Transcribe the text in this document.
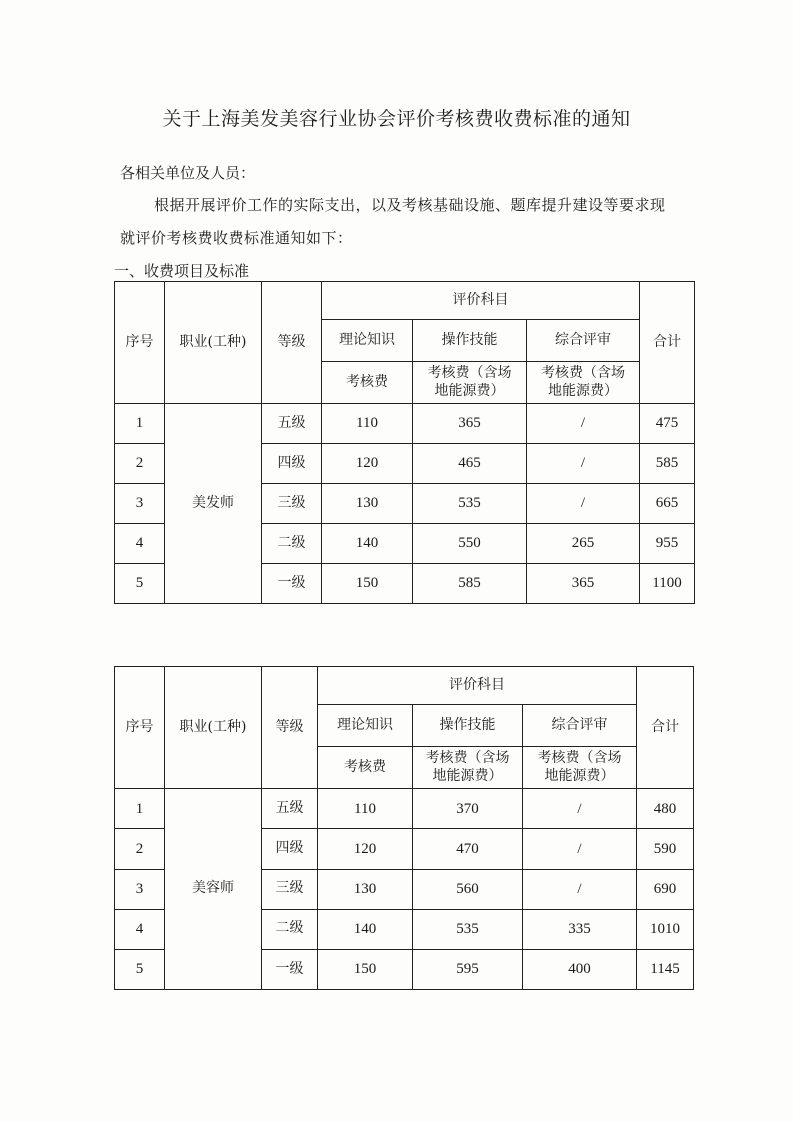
关于上海美发美容行业协会评价考核费收费标准的通知
各相关单位及人员：
根据开展评价工作的实际支出，以及考核基础设施、题库提升建设等要求现
就评价考核费收费标准通知如下：
一、收费项目及标准
序号	职业(工种)	等级	评价科目			合计
			理论知识	操作技能	综合评审	
			考核费	考核费（含场地能源费）	考核费（含场地能源费）	
1	美发师	五级	110	365	/	475
2		四级	120	465	/	585
3		三级	130	535	/	665
4		二级	140	550	265	955
5		一级	150	585	365	1100
序号	职业(工种)	等级	评价科目			合计
			理论知识	操作技能	综合评审	
			考核费	考核费（含场地能源费）	考核费（含场地能源费）	
1	美容师	五级	110	370	/	480
2		四级	120	470	/	590
3		三级	130	560	/	690
4		二级	140	535	335	1010
5		一级	150	595	400	1145
